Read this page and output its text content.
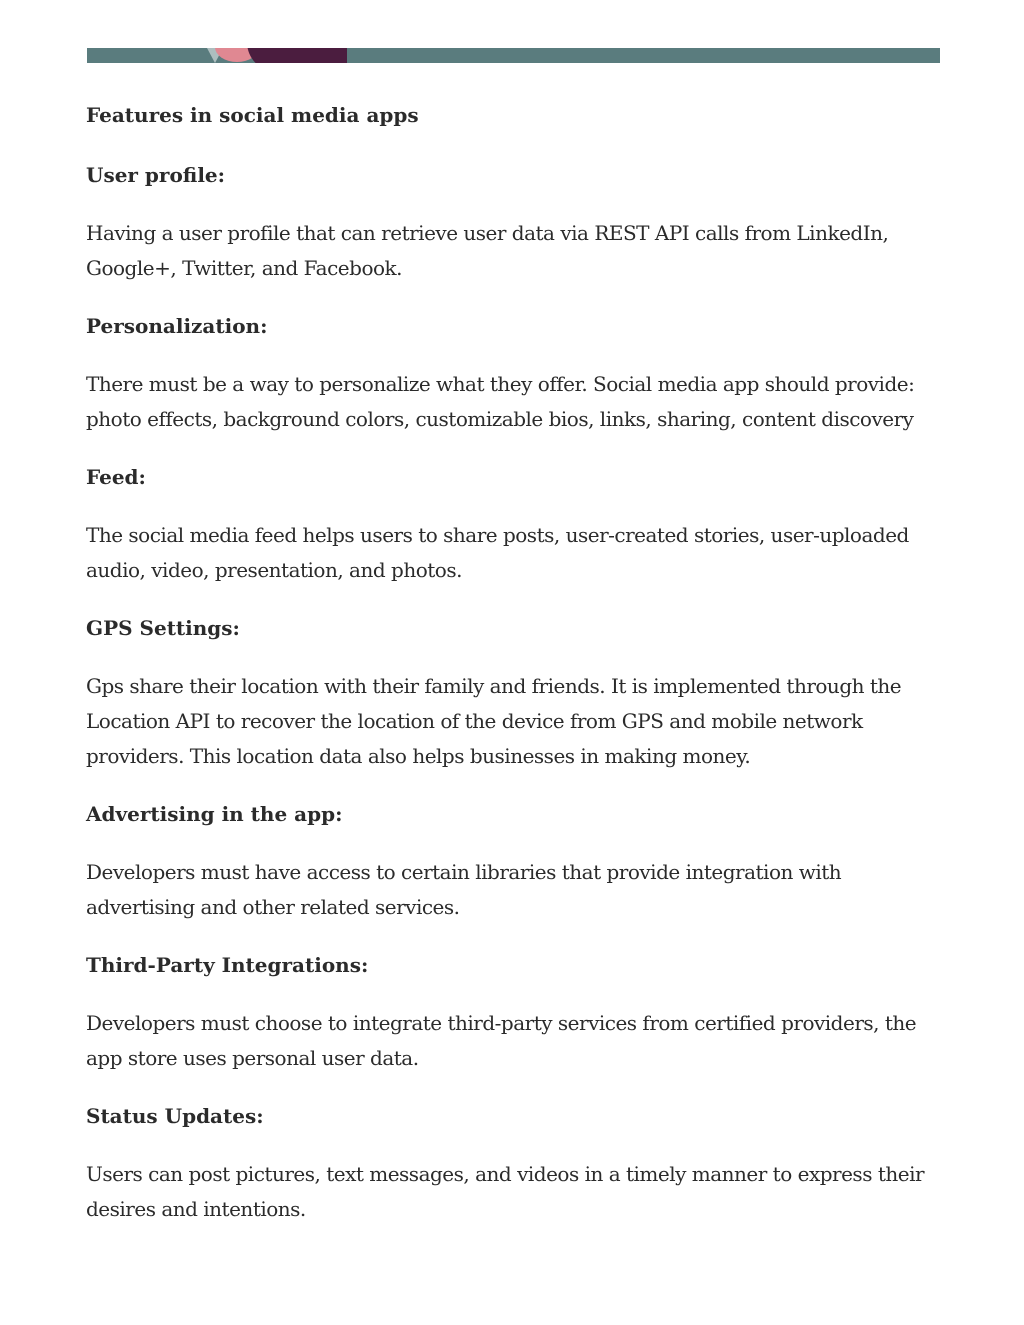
Features in social media apps

User profile:

Having a user profile that can retrieve user data via REST API calls from LinkedIn, Google+, Twitter, and Facebook.

Personalization:

There must be a way to personalize what they offer. Social media app should provide: photo effects, background colors, customizable bios, links, sharing, content discovery

Feed:

The social media feed helps users to share posts, user-created stories, user-uploaded audio, video, presentation, and photos.

GPS Settings:

Gps share their location with their family and friends. It is implemented through the Location API to recover the location of the device from GPS and mobile network providers. This location data also helps businesses in making money.

Advertising in the app:

Developers must have access to certain libraries that provide integration with advertising and other related services.

Third-Party Integrations:

Developers must choose to integrate third-party services from certified providers, the app store uses personal user data.

Status Updates:

Users can post pictures, text messages, and videos in a timely manner to express their desires and intentions.
